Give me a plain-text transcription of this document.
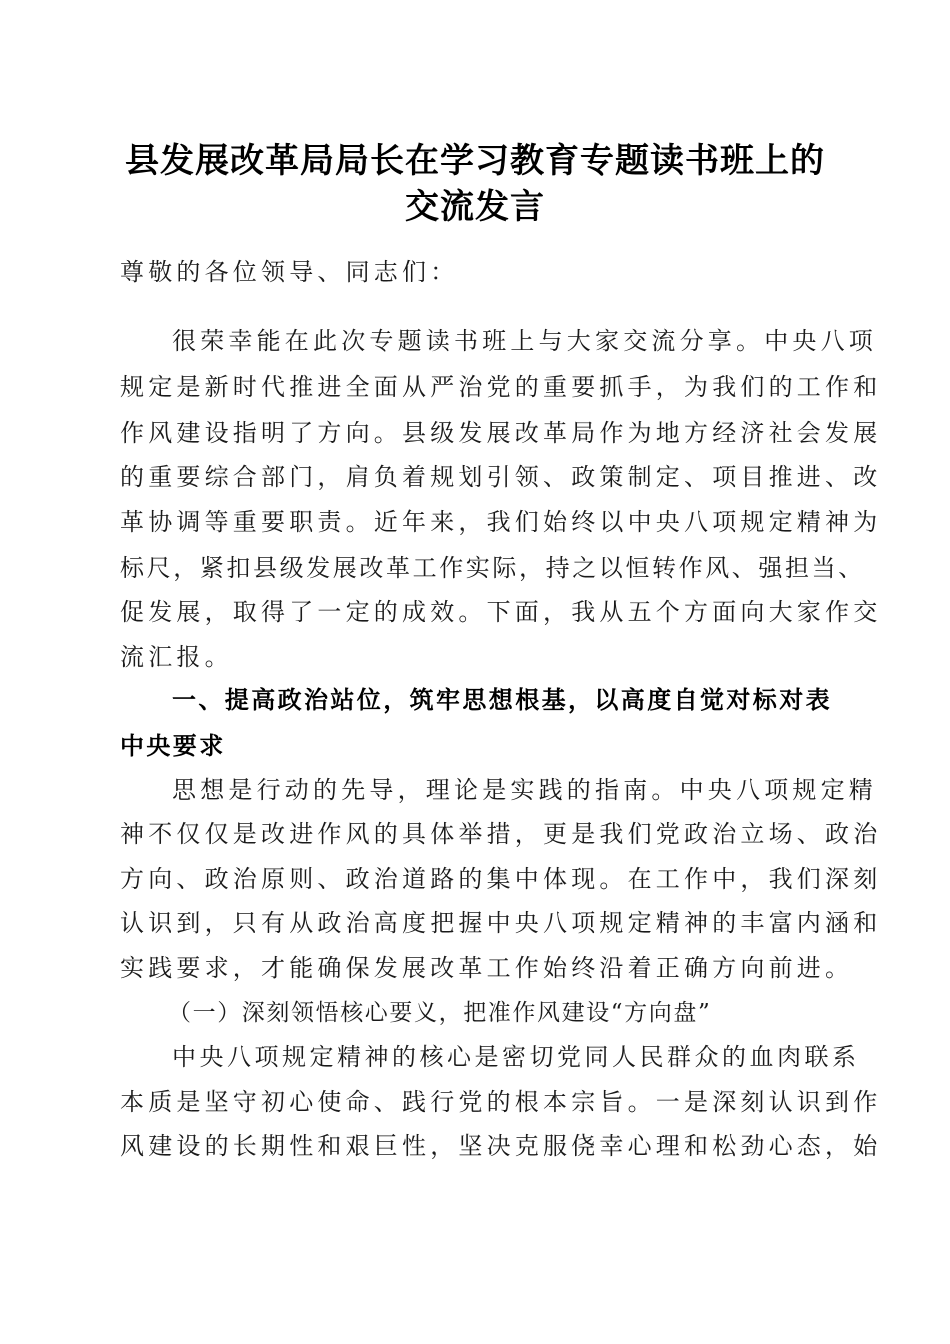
县发展改革局局长在学习教育专题读书班上的
交流发言
尊敬的各位领导、同志们：
很荣幸能在此次专题读书班上与大家交流分享。中央八项
规定是新时代推进全面从严治党的重要抓手，为我们的工作和
作风建设指明了方向。县级发展改革局作为地方经济社会发展
的重要综合部门，肩负着规划引领、政策制定、项目推进、改
革协调等重要职责。近年来，我们始终以中央八项规定精神为
标尺，紧扣县级发展改革工作实际，持之以恒转作风、强担当、
促发展，取得了一定的成效。下面，我从五个方面向大家作交
流汇报。
一、提高政治站位，筑牢思想根基，以高度自觉对标对表
中央要求
思想是行动的先导，理论是实践的指南。中央八项规定精
神不仅仅是改进作风的具体举措，更是我们党政治立场、政治
方向、政治原则、政治道路的集中体现。在工作中，我们深刻
认识到，只有从政治高度把握中央八项规定精神的丰富内涵和
实践要求，才能确保发展改革工作始终沿着正确方向前进。
（一）深刻领悟核心要义，把准作风建设“方向盘”
中央八项规定精神的核心是密切党同人民群众的血肉联系
本质是坚守初心使命、践行党的根本宗旨。一是深刻认识到作
风建设的长期性和艰巨性，坚决克服侥幸心理和松劲心态，始
